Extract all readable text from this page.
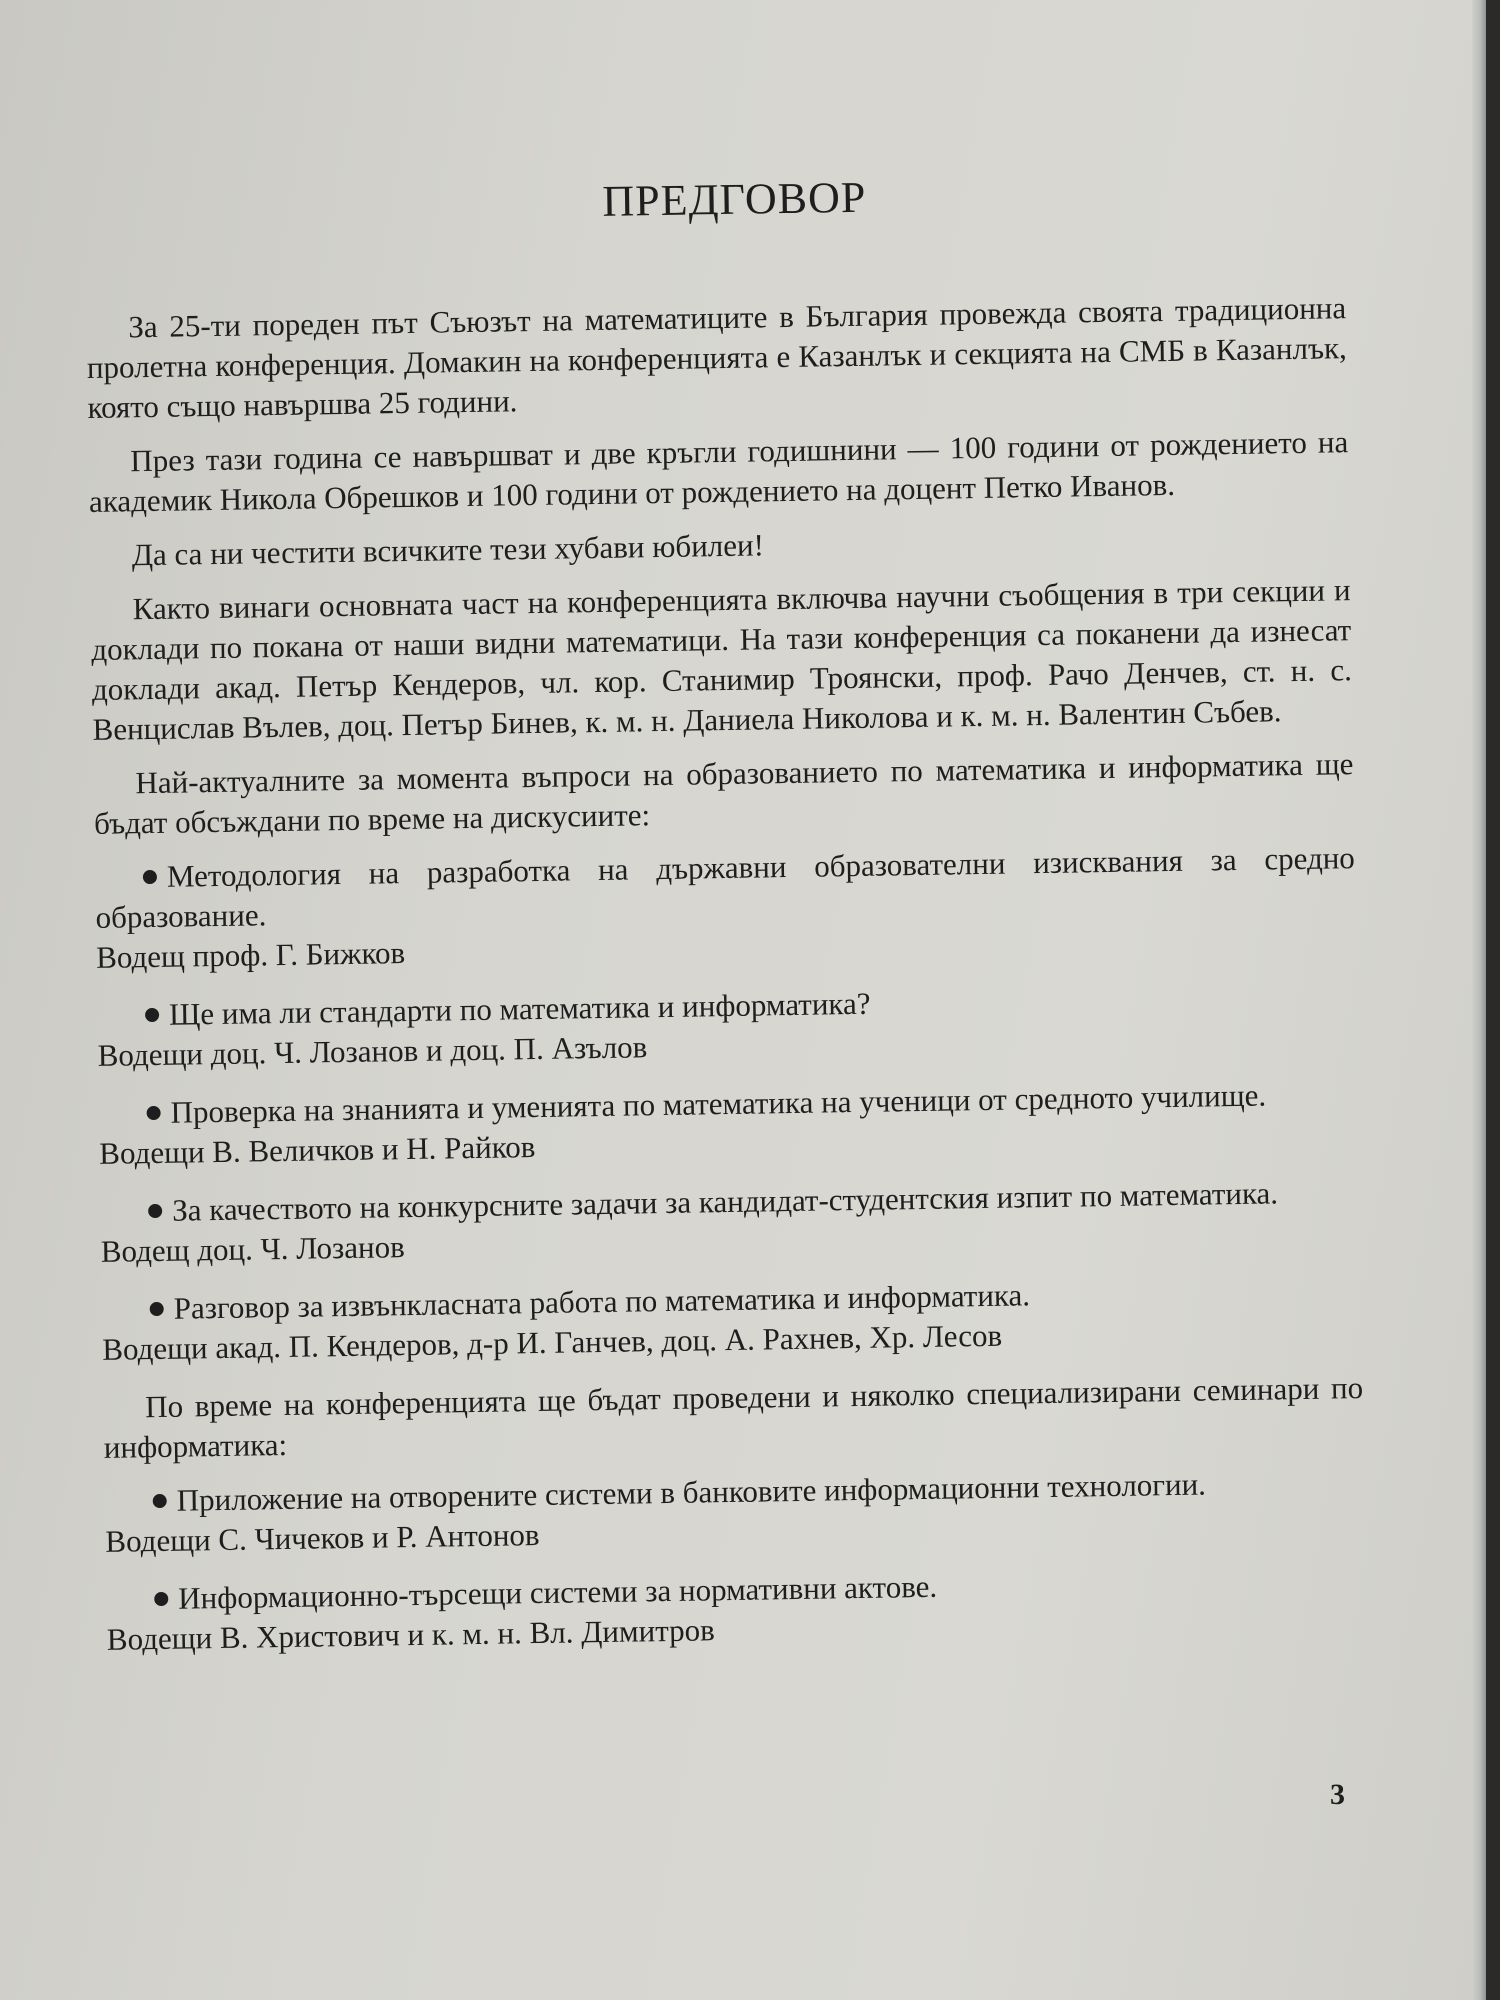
ПРЕДГОВОР

За 25-ти пореден път Съюзът на математиците в България провежда своята традиционна пролетна конференция. Домакин на конференцията е Казанлък и секцията на СМБ в Казанлък, която също навършва 25 години.

През тази година се навършват и две кръгли годишнини — 100 години от рождението на академик Никола Обрешков и 100 години от рождението на доцент Петко Иванов.

Да са ни честити всичките тези хубави юбилеи!

Както винаги основната част на конференцията включва научни съобщения в три секции и доклади по покана от наши видни математици. На тази конференция са поканени да изнесат доклади акад. Петър Кендеров, чл. кор. Станимир Троянски, проф. Рачо Денчев, ст. н. с. Венцислав Вълев, доц. Петър Бинев, к. м. н. Даниела Николова и к. м. н. Валентин Събев.

Най-актуалните за момента въпроси на образованието по математика и информатика ще бъдат обсъждани по време на дискусиите:

Методология на разработка на държавни образователни изисквания за средно образование.
Водещ проф. Г. Бижков
Ще има ли стандарти по математика и информатика?
Водещи доц. Ч. Лозанов и доц. П. Азълов
Проверка на знанията и уменията по математика на ученици от средното училище.
Водещи В. Величков и Н. Райков
За качеството на конкурсните задачи за кандидат-студентския изпит по математика.
Водещ доц. Ч. Лозанов
Разговор за извънкласната работа по математика и информатика.
Водещи акад. П. Кендеров, д-р И. Ганчев, доц. А. Рахнев, Хр. Лесов

По време на конференцията ще бъдат проведени и няколко специализирани семинари по информатика:

Приложение на отворените системи в банковите информационни технологии.
Водещи С. Чичеков и Р. Антонов
Информационно-търсещи системи за нормативни актове.
Водещи В. Христович и к. м. н. Вл. Димитров
3
